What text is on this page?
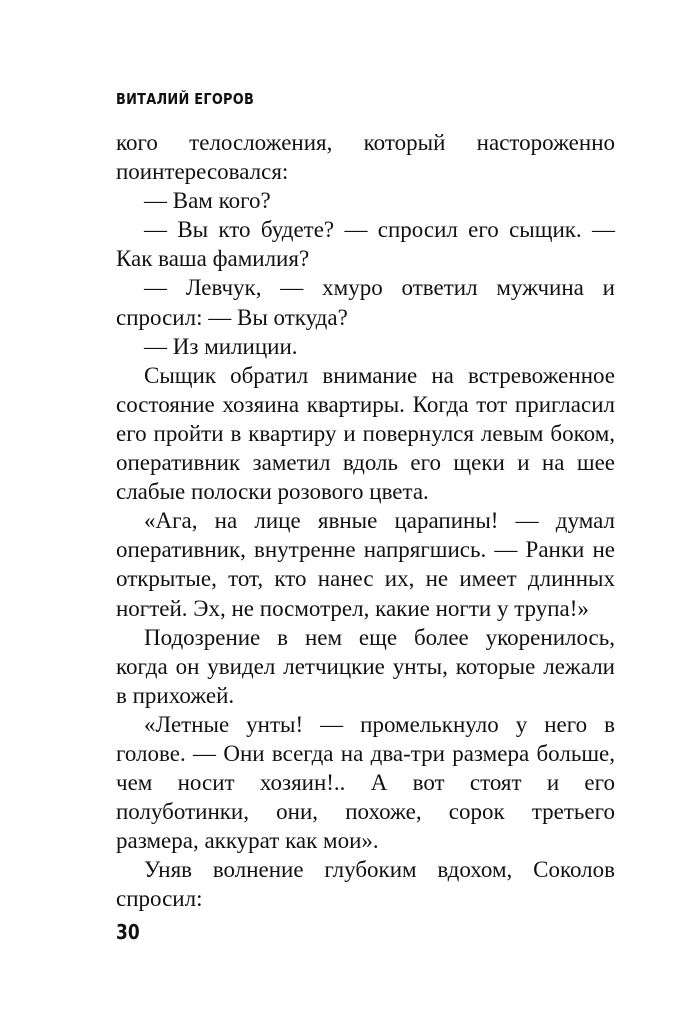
ВИТАЛИЙ ЕГОРОВ

кого телосложения, который настороженно поинтересовался:

— Вам кого?

— Вы кто будете? — спросил его сыщик. — Как ваша фамилия?

— Левчук, — хмуро ответил мужчина и спросил: — Вы откуда?

— Из милиции.

Сыщик обратил внимание на встревоженное состояние хозяина квартиры. Когда тот пригласил его пройти в квартиру и повернулся левым боком, оперативник заметил вдоль его щеки и на шее слабые полоски розового цвета.

«Ага, на лице явные царапины! — думал оперативник, внутренне напрягшись. — Ранки не открытые, тот, кто нанес их, не имеет длинных ногтей. Эх, не посмотрел, какие ногти у трупа!»

Подозрение в нем еще более укоренилось, когда он увидел летчицкие унты, которые лежали в прихожей.

«Летные унты! — промелькнуло у него в голове. — Они всегда на два-три размера больше, чем носит хозяин!.. А вот стоят и его полуботинки, они, похоже, сорок третьего размера, аккурат как мои».

Уняв волнение глубоким вдохом, Соколов спросил:

30
